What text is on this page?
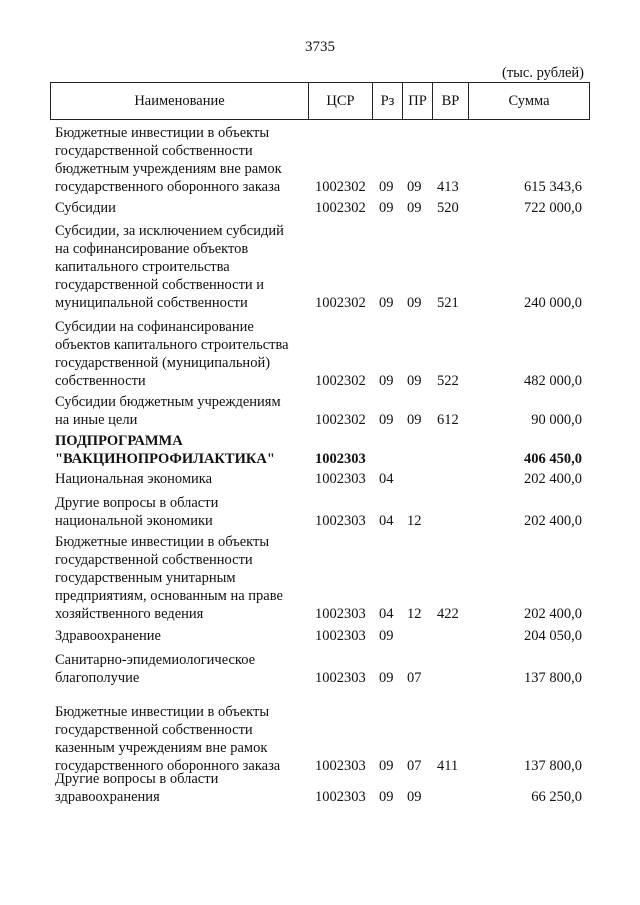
3735
(тыс. рублей)
Наименование	ЦСР	Рз ПР	ВР	Сумма
Бюджетные инвестиции в объекты
государственной собственности
бюджетным учреждениям вне рамок
государственного оборонного заказа	1002302 09 09 413	615 343,6
Субсидии	1002302 09 09 520	722 000,0
Субсидии, за исключением субсидий
на софинансирование объектов
капитального строительства
государственной собственности и
муниципальной собственности	1002302 09 09 521	240 000,0
Субсидии на софинансирование
объектов капитального строительства
государственной (муниципальной)
собственности	1002302 09 09 522	482 000,0
Субсидии бюджетным учреждениям
на иные цели	1002302 09 09 612	90 000,0
ПОДПРОГРАММА
"ВАКЦИНОПРОФИЛАКТИКА"	1002303	406 450,0
Национальная экономика	1002303 04	202 400,0
Другие вопросы в области
национальной экономики	1002303 04 12	202 400,0
Бюджетные инвестиции в объекты
государственной собственности
государственным унитарным
предприятиям, основанным на праве
хозяйственного ведения	1002303 04 12 422	202 400,0
Здравоохранение	1002303 09	204 050,0
Санитарно-эпидемиологическое
благополучие	1002303 09 07	137 800,0
Бюджетные инвестиции в объекты
государственной собственности
казенным учреждениям вне рамок
государственного оборонного заказа	1002303 09 07 411	137 800,0
Другие вопросы в области
здравоохранения	1002303 09 09	66 250,0
